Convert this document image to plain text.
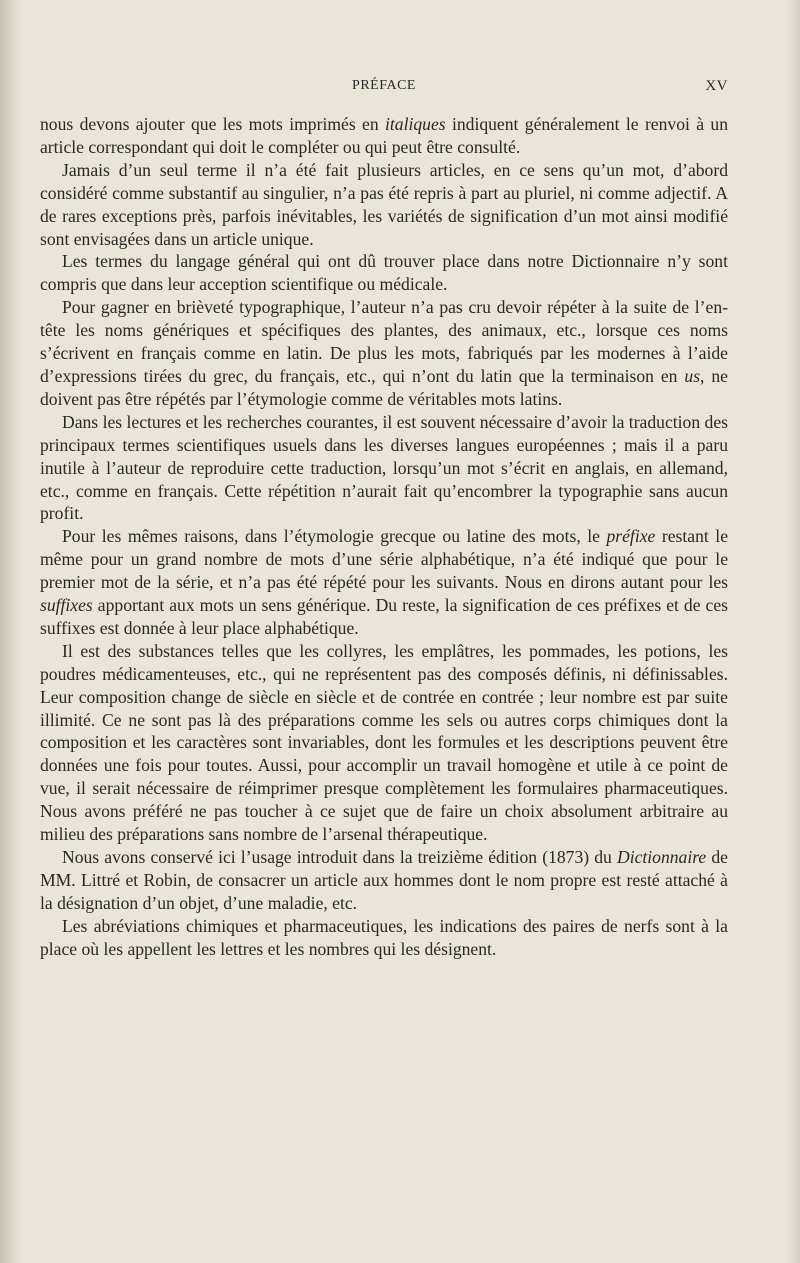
PRÉFACE	XV

nous devons ajouter que les mots imprimés en italiques indiquent généralement le renvoi à un article correspondant qui doit le compléter ou qui peut être consulté.

Jamais d’un seul terme il n’a été fait plusieurs articles, en ce sens qu’un mot, d’abord considéré comme substantif au singulier, n’a pas été repris à part au pluriel, ni comme adjectif. A de rares exceptions près, parfois inévitables, les variétés de signification d’un mot ainsi modifié sont envisagées dans un article unique.

Les termes du langage général qui ont dû trouver place dans notre Dictionnaire n’y sont compris que dans leur acception scientifique ou médicale.

Pour gagner en brièveté typographique, l’auteur n’a pas cru devoir répéter à la suite de l’en-tête les noms génériques et spécifiques des plantes, des animaux, etc., lorsque ces noms s’écrivent en français comme en latin. De plus les mots, fabriqués par les modernes à l’aide d’expressions tirées du grec, du français, etc., qui n’ont du latin que la terminaison en us, ne doivent pas être répétés par l’étymologie comme de véritables mots latins.

Dans les lectures et les recherches courantes, il est souvent nécessaire d’avoir la traduction des principaux termes scientifiques usuels dans les diverses langues européennes ; mais il a paru inutile à l’auteur de reproduire cette traduction, lorsqu’un mot s’écrit en anglais, en allemand, etc., comme en français. Cette répétition n’aurait fait qu’encombrer la typographie sans aucun profit.

Pour les mêmes raisons, dans l’étymologie grecque ou latine des mots, le préfixe restant le même pour un grand nombre de mots d’une série alphabétique, n’a été indiqué que pour le premier mot de la série, et n’a pas été répété pour les suivants. Nous en dirons autant pour les suffixes apportant aux mots un sens générique. Du reste, la signification de ces préfixes et de ces suffixes est donnée à leur place alphabétique.

Il est des substances telles que les collyres, les emplâtres, les pommades, les potions, les poudres médicamenteuses, etc., qui ne représentent pas des composés définis, ni définissables. Leur composition change de siècle en siècle et de contrée en contrée ; leur nombre est par suite illimité. Ce ne sont pas là des préparations comme les sels ou autres corps chimiques dont la composition et les caractères sont invariables, dont les formules et les descriptions peuvent être données une fois pour toutes. Aussi, pour accomplir un travail homogène et utile à ce point de vue, il serait nécessaire de réimprimer presque complètement les formulaires pharmaceutiques. Nous avons préféré ne pas toucher à ce sujet que de faire un choix absolument arbitraire au milieu des préparations sans nombre de l’arsenal thérapeutique.

Nous avons conservé ici l’usage introduit dans la treizième édition (1873) du Dictionnaire de MM. Littré et Robin, de consacrer un article aux hommes dont le nom propre est resté attaché à la désignation d’un objet, d’une maladie, etc.

Les abréviations chimiques et pharmaceutiques, les indications des paires de nerfs sont à la place où les appellent les lettres et les nombres qui les désignent.
